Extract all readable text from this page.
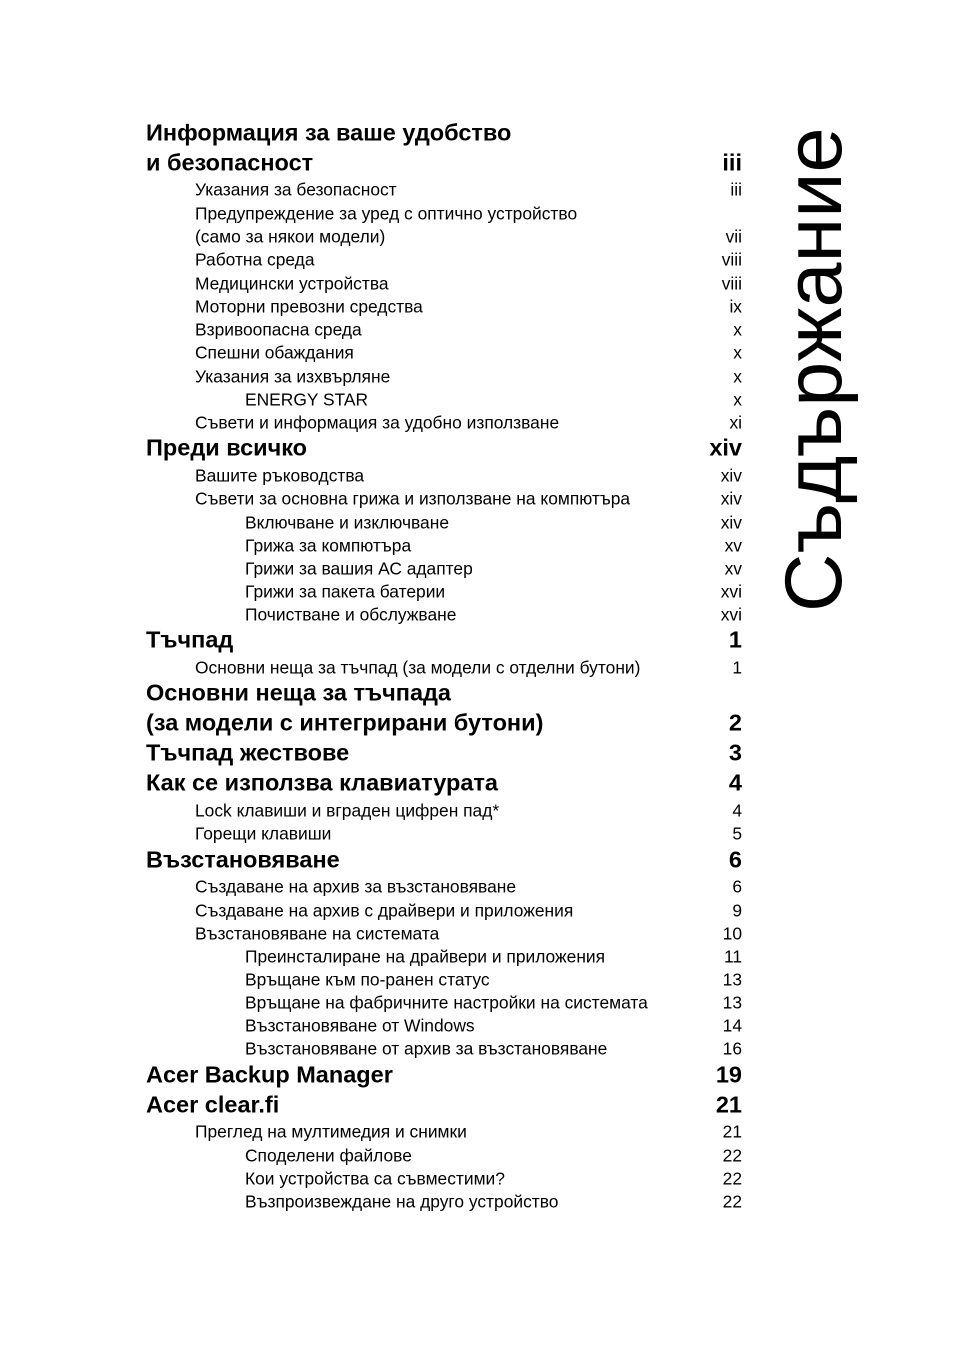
Съдържание
Информация за ваше удобство
и безопасност	iii
Указания за безопасност	iii
Предупреждение за уред с оптично устройство
(само за някои модели)	vii
Работна среда	viii
Медицински устройства	viii
Моторни превозни средства	ix
Взривоопасна среда	x
Спешни обаждания	x
Указания за изхвърляне	x
ENERGY STAR	x
Съвети и информация за удобно използване	xi
Преди всичко	xiv
Вашите ръководства	xiv
Съвети за основна грижа и използване на компютъра	xiv
Включване и изключване	xiv
Грижа за компютъра	xv
Грижи за вашия АС адаптер	xv
Грижи за пакета батерии	xvi
Почистване и обслужване	xvi
Тъчпад	1
Основни неща за тъчпад (за модели с отделни бутони)	1
Основни неща за тъчпада
(за модели с интегрирани бутони)	2
Тъчпад жествове	3
Как се използва клавиатурата	4
Lock клавиши и вграден цифрен пад*	4
Горещи клавиши	5
Възстановяване	6
Създаване на архив за възстановяване	6
Създаване на архив с драйвери и приложения	9
Възстановяване на системата	10
Преинсталиране на драйвери и приложения	11
Връщане към по-ранен статус	13
Връщане на фабричните настройки на системата	13
Възстановяване от Windows	14
Възстановяване от архив за възстановяване	16
Acer Backup Manager	19
Acer clear.fi	21
Преглед на мултимедия и снимки	21
Споделени файлове	22
Кои устройства са съвместими?	22
Възпроизвеждане на друго устройство	22
